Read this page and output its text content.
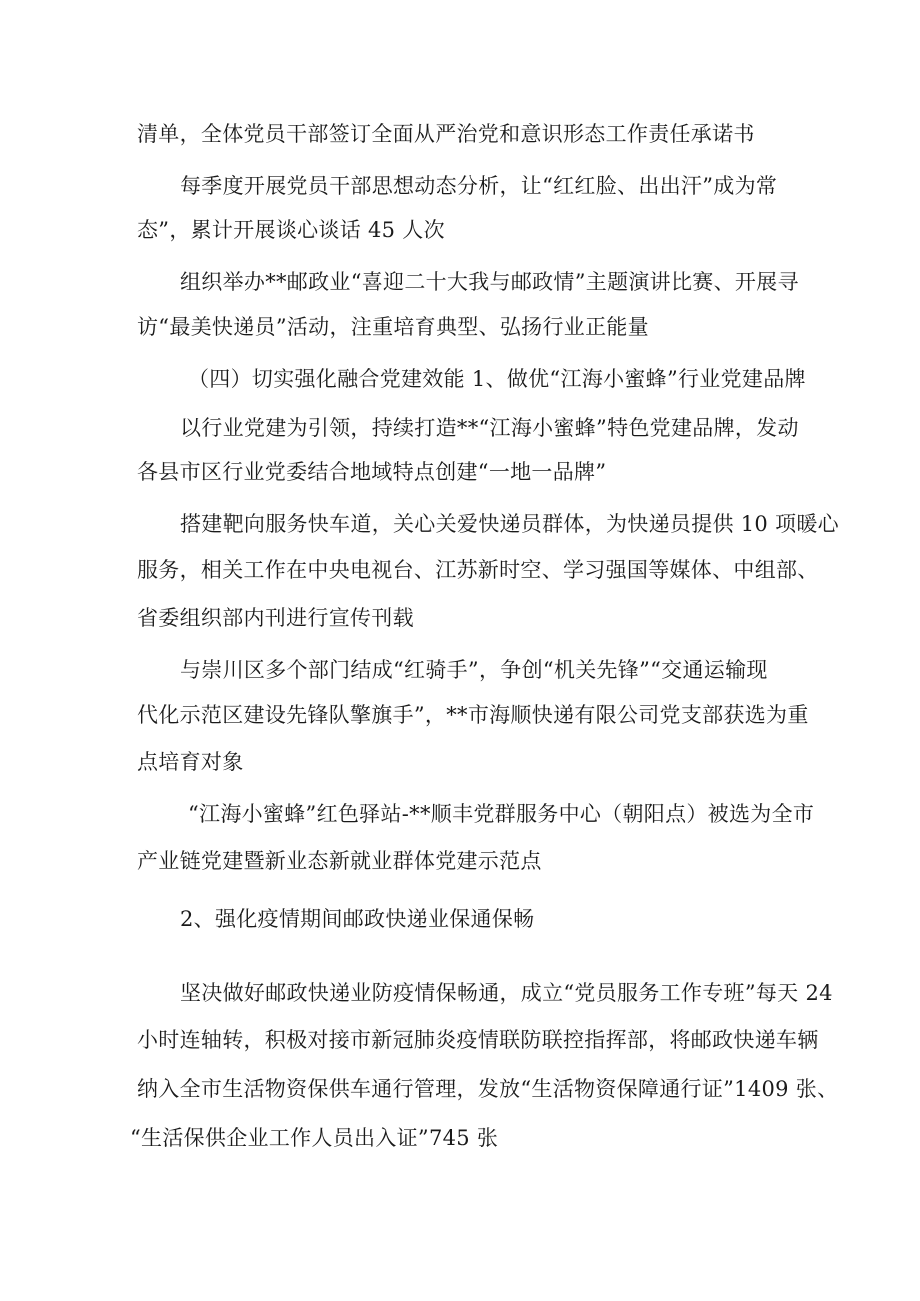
清单，全体党员干部签订全面从严治党和意识形态工作责任承诺书
每季度开展党员干部思想动态分析，让“红红脸、出出汗”成为常
态”，累计开展谈心谈话 45 人次
组织举办**邮政业“喜迎二十大我与邮政情”主题演讲比赛、开展寻
访“最美快递员”活动，注重培育典型、弘扬行业正能量
（四）切实强化融合党建效能 1、做优“江海小蜜蜂”行业党建品牌
以行业党建为引领，持续打造**“江海小蜜蜂”特色党建品牌，发动
各县市区行业党委结合地域特点创建“一地一品牌”
搭建靶向服务快车道，关心关爱快递员群体，为快递员提供 10 项暖心
服务，相关工作在中央电视台、江苏新时空、学习强国等媒体、中组部、
省委组织部内刊进行宣传刊载
与崇川区多个部门结成“红骑手”，争创“机关先锋”“交通运输现
代化示范区建设先锋队擎旗手”，**市海顺快递有限公司党支部获选为重
点培育对象
“江海小蜜蜂”红色驿站-**顺丰党群服务中心（朝阳点）被选为全市
产业链党建暨新业态新就业群体党建示范点
2、强化疫情期间邮政快递业保通保畅
坚决做好邮政快递业防疫情保畅通，成立“党员服务工作专班”每天 24
小时连轴转，积极对接市新冠肺炎疫情联防联控指挥部，将邮政快递车辆
纳入全市生活物资保供车通行管理，发放“生活物资保障通行证”1409 张、
“生活保供企业工作人员出入证”745 张
